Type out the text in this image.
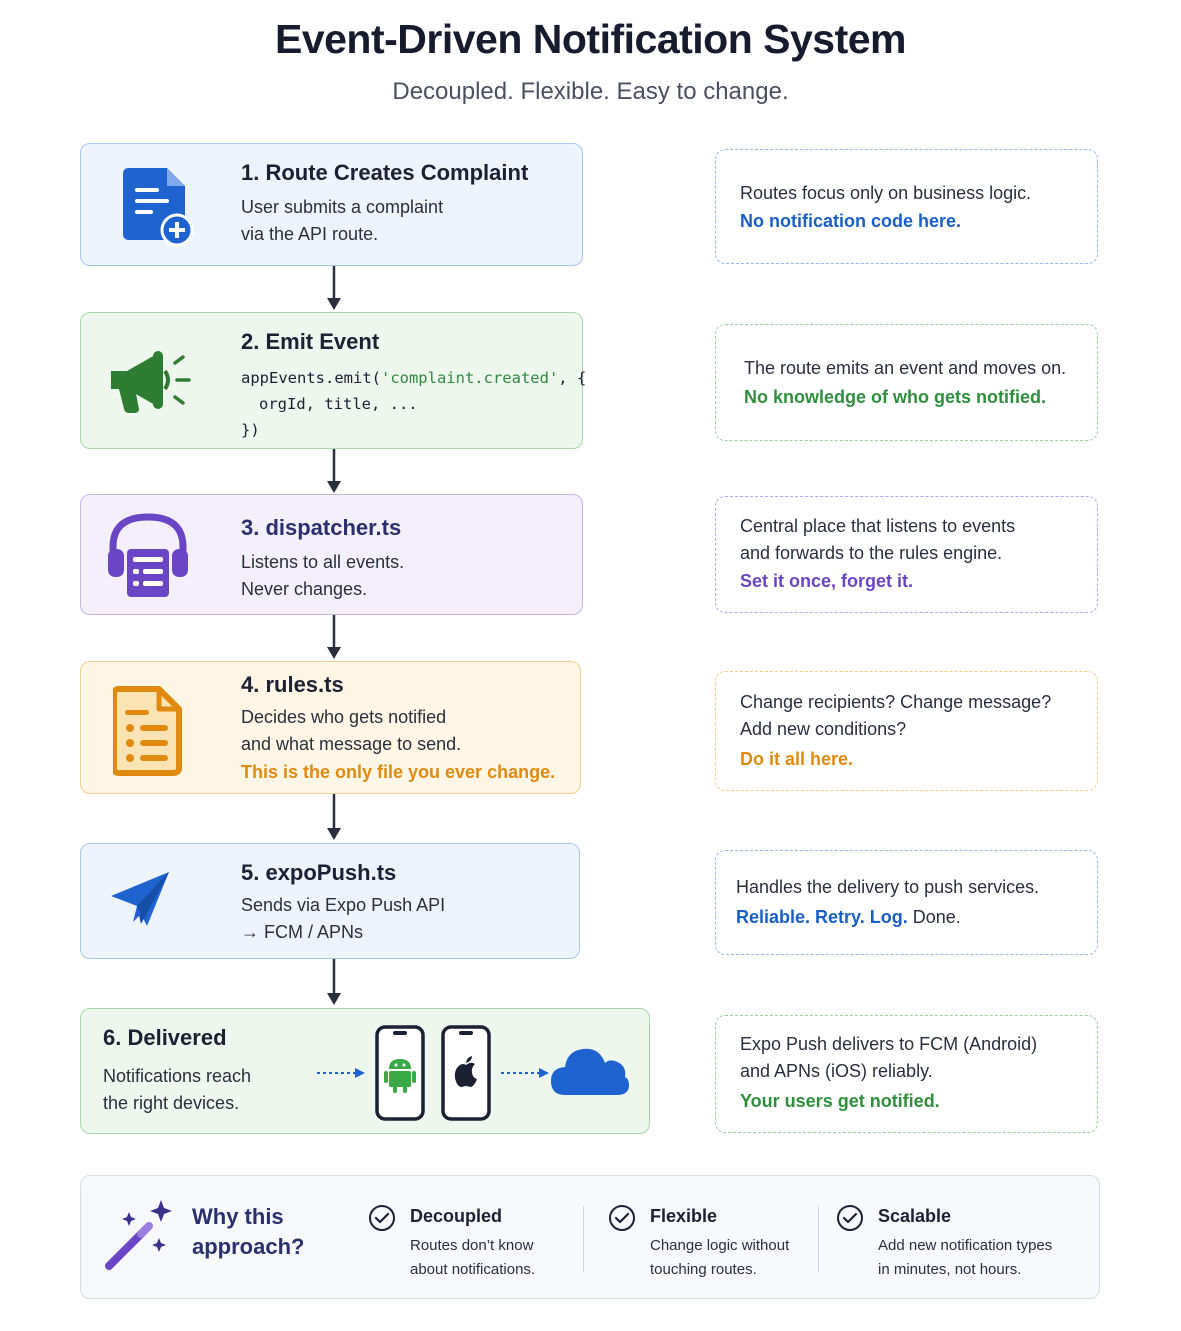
Event-Driven Notification System
Decoupled. Flexible. Easy to change.
1. Route Creates Complaint
User submits a complaint
via the API route.
Routes focus only on business logic.
No notification code here.
2. Emit Event
appEvents.emit('complaint.created', {
orgId, title, ...
})
The route emits an event and moves on.
No knowledge of who gets notified.
3. dispatcher.ts
Listens to all events.
Never changes.
Central place that listens to events
and forwards to the rules engine.
Set it once, forget it.
4. rules.ts
Decides who gets notified
and what message to send.
This is the only file you ever change.
Change recipients? Change message?
Add new conditions?
Do it all here.
5. expoPush.ts
Sends via Expo Push API
→ FCM / APNs
Handles the delivery to push services.
Reliable. Retry. Log. Done.
6. Delivered
Notifications reach
the right devices.
Expo Push delivers to FCM (Android)
and APNs (iOS) reliably.
Your users get notified.
Why this
approach?
Decoupled
Routes don’t know
about notifications.
Flexible
Change logic without
touching routes.
Scalable
Add new notification types
in minutes, not hours.
